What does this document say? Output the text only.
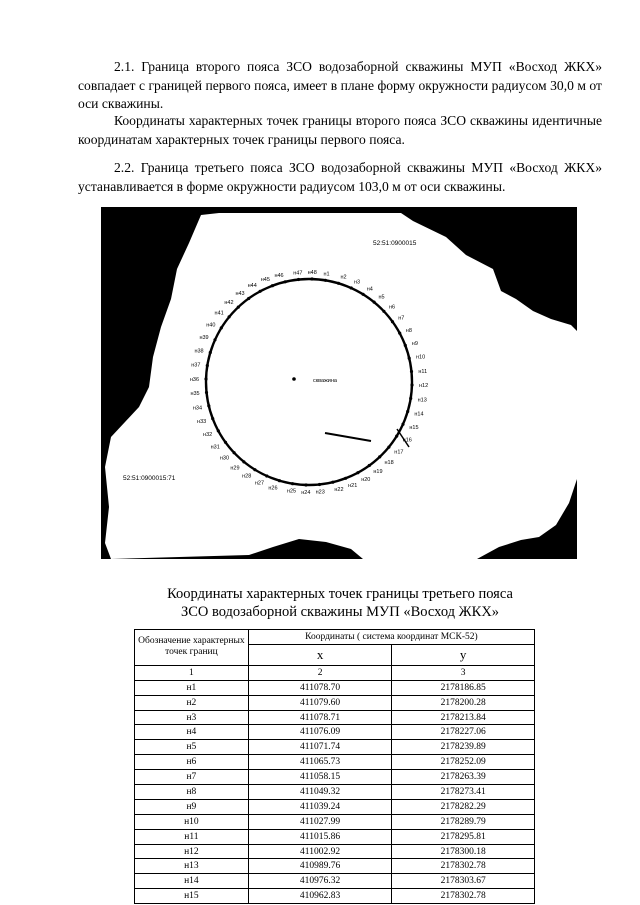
2.1. Граница второго пояса ЗСО водозаборной скважины МУП «Восход ЖКХ» совпадает с границей первого пояса, имеет в плане форму окружности радиусом 30,0 м от оси скважины.

Координаты характерных точек границы второго пояса ЗСО скважины идентичные координатам характерных точек границы первого пояса.

2.2. Граница третьего пояса ЗСО водозаборной скважины МУП «Восход ЖКХ» устанавливается в форме окружности радиусом 103,0 м от оси скважины.

н1
н2
н3
н4
н5
н6
н7
н8
н9
н10
н11
н12
н13
н14
н15
н16
н17
н18
н19
н20
н21
н22
н23
н24
н25
н26
н27
н28
н29
н30
н31
н32
н33
н34
н35
н36
н37
н38
н39
н40
н41
н42
н43
н44
н45
н46 н47 н48
скважина
52:51:0900015
52:51:0900015:71
Координаты характерных точек границы третьего пояса
ЗСО водозаборной скважины МУП «Восход ЖКХ»
Обозначение характерных точек границ	Координаты ( система координат МСК-52)	
	x	y
1	2	3
н1	411078.70	2178186.85
н2	411079.60	2178200.28
н3	411078.71	2178213.84
н4	411076.09	2178227.06
н5	411071.74	2178239.89
н6	411065.73	2178252.09
н7	411058.15	2178263.39
н8	411049.32	2178273.41
н9	411039.24	2178282.29
н10	411027.99	2178289.79
н11	411015.86	2178295.81
н12	411002.92	2178300.18
н13	410989.76	2178302.78
н14	410976.32	2178303.67
н15	410962.83	2178302.78
